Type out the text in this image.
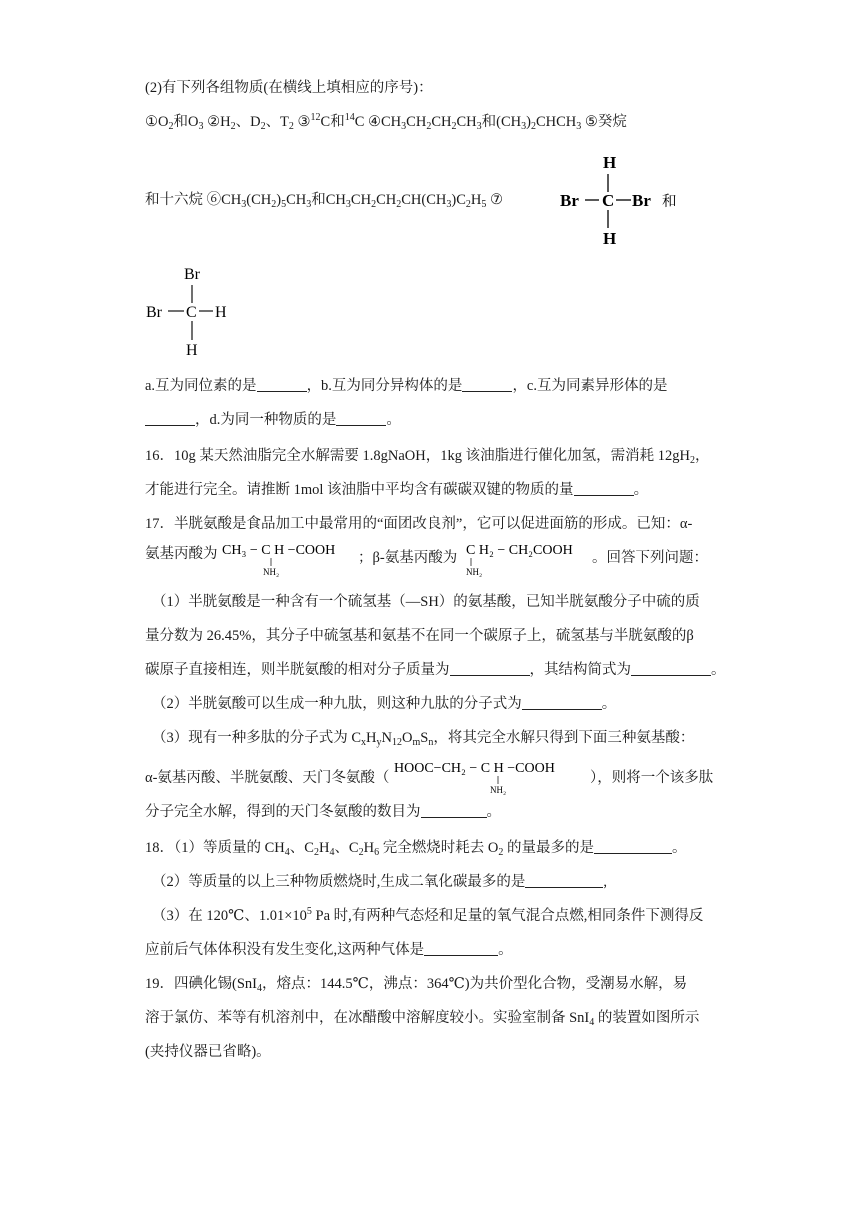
(2)有下列各组物质(在横线上填相应的序号)：
$①O_2$和$O_3$ $②H_2$、$D_2$、$T_2$ ③$^{12}$C和$^{14}$C $④CH_3CH_2CH_2CH_3$和$(CH_3)_2CHCH_3$ ⑤癸烷
和十六烷 $⑥CH_3(CH_2)_5CH_3$和$CH_3CH_2CH_2CH(CH_3)C_2H_5$ ⑦
H
Br C Br
H
和
Br
Br C H
H
a.互为同位素的是	，b.互为同分异构体的是	，c.互为同素异形体的是
，d.为同一种物质的是	。
16．10g 某天然油脂完全水解需要 1.8gNaOH，1kg 该油脂进行催化加氢，需消耗 $12gH_2$，
才能进行完全。请推断 1mol 该油脂中平均含有碳碳双键的物质的量	。
17．半胱氨酸是食品加工中最常用的“面团改良剂”，它可以促进面筋的形成。已知：α-
氨基丙酸为 CH₃ − C H −COOH
NH₂
；β-氨基丙酸为 C H₂ − CH₂COOH
NH₂
。回答下列问题：
（1）半胱氨酸是一种含有一个硫氢基（—SH）的氨基酸，已知半胱氨酸分子中硫的质
量分数为 26.45%，其分子中硫氢基和氨基不在同一个碳原子上，硫氢基与半胱氨酸的β
碳原子直接相连，则半胱氨酸的相对分子质量为	，其结构简式为	。
（2）半胱氨酸可以生成一种九肽，则这种九肽的分子式为	。
（3）现有一种多肽的分子式为 $C_xH_yN_{12}O_mS_n$，将其完全水解只得到下面三种氨基酸：
α-氨基丙酸、半胱氨酸、天门冬氨酸（
HOOC−CH₂ − C H −COOH
NH₂
），则将一个该多肽
分子完全水解，得到的天门冬氨酸的数目为	。
18．（1）等质量的 $CH_4$、$C_2H_4$、$C_2H_6$ 完全燃烧时耗去 $O_2$ 的量最多的是	。
（2）等质量的以上三种物质燃烧时,生成二氧化碳最多的是	,
（3）在 120℃、$1.01\times 10^5$ Pa 时,有两种气态烃和足量的氧气混合点燃,相同条件下测得反
应前后气体体积没有发生变化,这两种气体是	。
19．四碘化锡(SnI$_4$，熔点：144.5℃，沸点：364℃)为共价型化合物，受潮易水解，易
溶于氯仿、苯等有机溶剂中，在冰醋酸中溶解度较小。实验室制备 SnI$_4$ 的装置如图所示
(夹持仪器已省略)。
